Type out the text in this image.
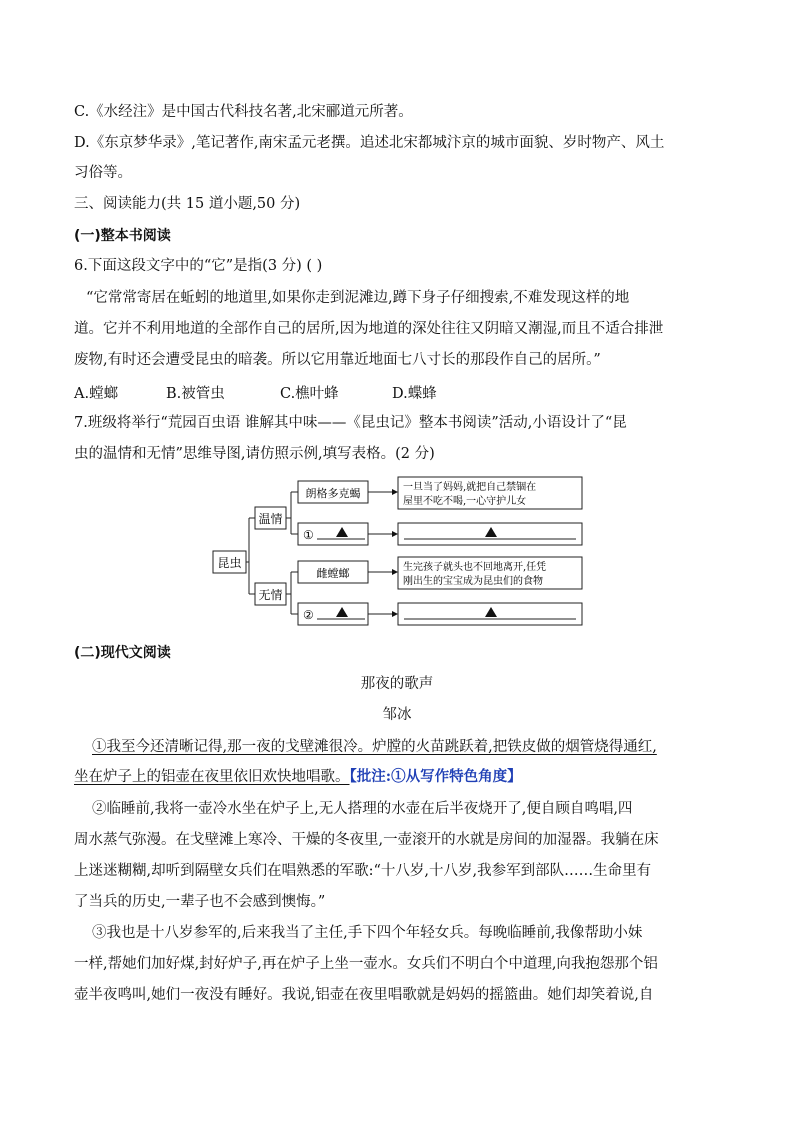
C.《水经注》是中国古代科技名著,北宋郦道元所著。
D.《东京梦华录》,笔记著作,南宋孟元老撰。追述北宋都城汴京的城市面貌、岁时物产、风土
习俗等。
三、阅读能力(共 15 道小题,50 分)
(一)整本书阅读
6.下面这段文字中的“它”是指(3 分) ( )
“它常常寄居在蚯蚓的地道里,如果你走到泥滩边,蹲下身子仔细搜索,不难发现这样的地
道。它并不利用地道的全部作自己的居所,因为地道的深处往往又阴暗又潮湿,而且不适合排泄
废物,有时还会遭受昆虫的暗袭。所以它用靠近地面七八寸长的那段作自己的居所。”
A.螳螂	B.被管虫	C.樵叶蜂	D.蝶蜂
7.班级将举行“荒园百虫语 谁解其中味——《昆虫记》整本书阅读”活动,小语设计了“昆
虫的温情和无情”思维导图,请仿照示例,填写表格。(2 分)
昆虫
温情
无情
朗格多克蝎
①
雌螳螂
②
一旦当了妈妈,就把自己禁锢在
屋里不吃不喝,一心守护儿女
生完孩子就头也不回地离开,任凭
刚出生的宝宝成为昆虫们的食物
(二)现代文阅读
那夜的歌声
邹冰
①我至今还清晰记得,那一夜的戈壁滩很冷。炉膛的火苗跳跃着,把铁皮做的烟管烧得通红,
坐在炉子上的铝壶在夜里依旧欢快地唱歌。【批注:①从写作特色角度】
②临睡前,我将一壶冷水坐在炉子上,无人搭理的水壶在后半夜烧开了,便自顾自鸣唱,四
周水蒸气弥漫。在戈壁滩上寒冷、干燥的冬夜里,一壶滚开的水就是房间的加湿器。我躺在床
上迷迷糊糊,却听到隔壁女兵们在唱熟悉的军歌:“十八岁,十八岁,我参军到部队……生命里有
了当兵的历史,一辈子也不会感到懊悔。”
③我也是十八岁参军的,后来我当了主任,手下四个年轻女兵。每晚临睡前,我像帮助小妹
一样,帮她们加好煤,封好炉子,再在炉子上坐一壶水。女兵们不明白个中道理,向我抱怨那个铝
壶半夜鸣叫,她们一夜没有睡好。我说,铝壶在夜里唱歌就是妈妈的摇篮曲。她们却笑着说,自
